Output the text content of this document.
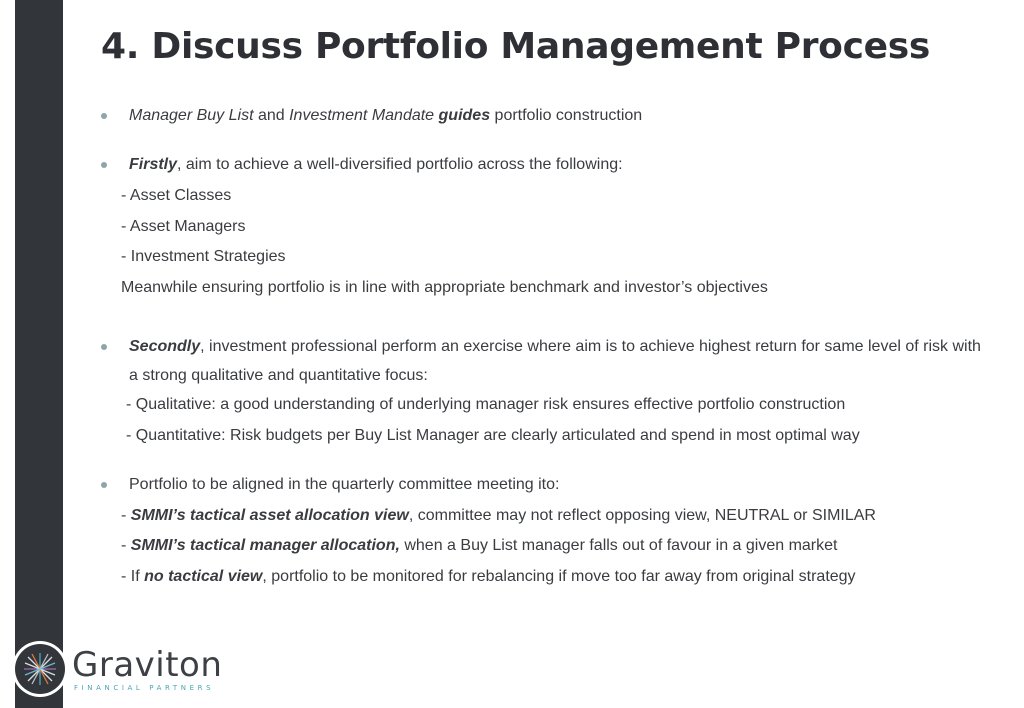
4. Discuss Portfolio Management Process
Manager Buy List and Investment Mandate guides portfolio construction
Firstly, aim to achieve a well-diversified portfolio across the following:
- Asset Classes
- Asset Managers
- Investment Strategies
Meanwhile ensuring portfolio is in line with appropriate benchmark and investor’s objectives
Secondly, investment professional perform an exercise where aim is to achieve highest return for same level of risk with
a strong qualitative and quantitative focus:
- Qualitative: a good understanding of underlying manager risk ensures effective portfolio construction
- Quantitative: Risk budgets per Buy List Manager are clearly articulated and spend in most optimal way
Portfolio to be aligned in the quarterly committee meeting ito:
- SMMI’s tactical asset allocation view, committee may not reflect opposing view, NEUTRAL or SIMILAR
- SMMI’s tactical manager allocation, when a Buy List manager falls out of favour in a given market
- If no tactical view, portfolio to be monitored for rebalancing if move too far away from original strategy
Graviton
FINANCIAL PARTNERS
